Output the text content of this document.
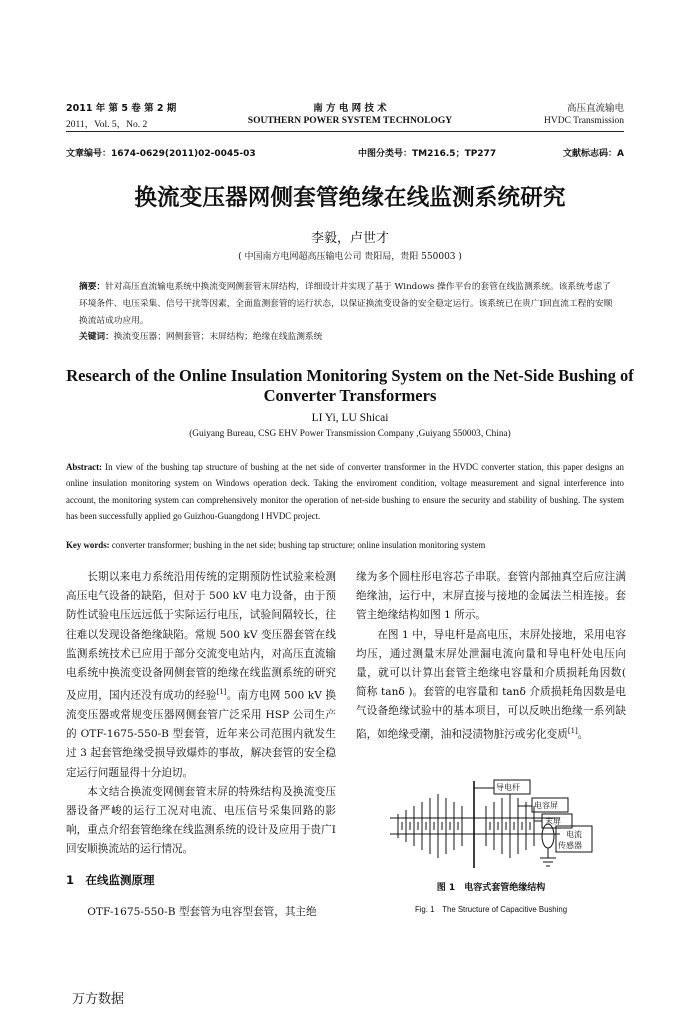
2011 年 第 5 卷 第 2 期
2011，Vol. 5，No. 2
南 方 电 网 技 术
SOUTHERN POWER SYSTEM TECHNOLOGY
高压直流输电
HVDC Transmission
文章编号：1674-0629(2011)02-0045-03	中图分类号：TM216.5；TP277	文献标志码：A
换流变压器网侧套管绝缘在线监测系统研究
李毅，卢世才
( 中国南方电网超高压输电公司 贵阳局，贵阳 550003 )
摘要：针对高压直流输电系统中换流变网侧套管末屏结构，详细设计并实现了基于 Windows 操作平台的套管在线监测系统。该系统考虑了环境条件、电压采集、信号干扰等因素，全面监测套管的运行状态，以保证换流变设备的安全稳定运行。该系统已在贵广Ⅰ回直流工程的安顺换流站成功应用。
关键词：换流变压器；网侧套管；末屏结构；绝缘在线监测系统
Research of the Online Insulation Monitoring System on the Net-Side Bushing of Converter Transformers
LI Yi, LU Shicai
(Guiyang Bureau, CSG EHV Power Transmission Company ,Guiyang 550003, China)
Abstract: In view of the bushing tap structure of bushing at the net side of converter transformer in the HVDC converter station, this paper designs an online insulation monitoring system on Windows operation deck. Taking the enviroment condition, voltage measurement and signal interference into account, the monitoring system can comprehensively monitor the operation of net-side bushing to ensure the security and stability of bushing. The system has been successfully applied go Guizhou-Guangdong Ⅰ HVDC project.
Key words: converter transformer; bushing in the net side; bushing tap structure; online insulation monitoring system

长期以来电力系统沿用传统的定期预防性试验来检测高压电气设备的缺陷，但对于 500 kV 电力设备，由于预防性试验电压远远低于实际运行电压，试验间隔较长，往往难以发现设备绝缘缺陷。常规 500 kV 变压器套管在线监测系统技术已应用于部分交流变电站内，对高压直流输电系统中换流变设备网侧套管的绝缘在线监测系统的研究及应用，国内还没有成功的经验[1]。南方电网 500 kV 换流变压器或常规变压器网侧套管广泛采用 HSP 公司生产的 OTF-1675-550-B 型套管，近年来公司范围内就发生过 3 起套管绝缘受损导致爆炸的事故，解决套管的安全稳定运行问题显得十分迫切。

本文结合换流变网侧套管末屏的特殊结构及换流变压器设备严峻的运行工况对电流、电压信号采集回路的影响，重点介绍套管绝缘在线监测系统的设计及应用于贵广Ⅰ回安顺换流站的运行情况。

1　在线监测原理
OTF-1675-550-B 型套管为电容型套管，其主绝

缘为多个圆柱形电容芯子串联。套管内部抽真空后应注满绝缘油，运行中，末屏直接与接地的金属法兰相连接。套管主绝缘结构如图 1 所示。

在图 1 中，导电杆是高电压，末屏处接地，采用电容均压，通过测量末屏处泄漏电流向量和导电杆处电压向量，就可以计算出套管主绝缘电容量和介质损耗角因数( 简称 tanδ )。套管的电容量和 tanδ 介质损耗角因数是电气设备绝缘试验中的基本项目，可以反映出绝缘一系列缺陷，如绝缘受潮，油和浸渍物脏污或劣化变质[1]。

导电杆
电容屏
末屏
电流
传感器
图 1　电容式套管绝缘结构
Fig. 1　The Structure of Capacitive Bushing
万方数据
